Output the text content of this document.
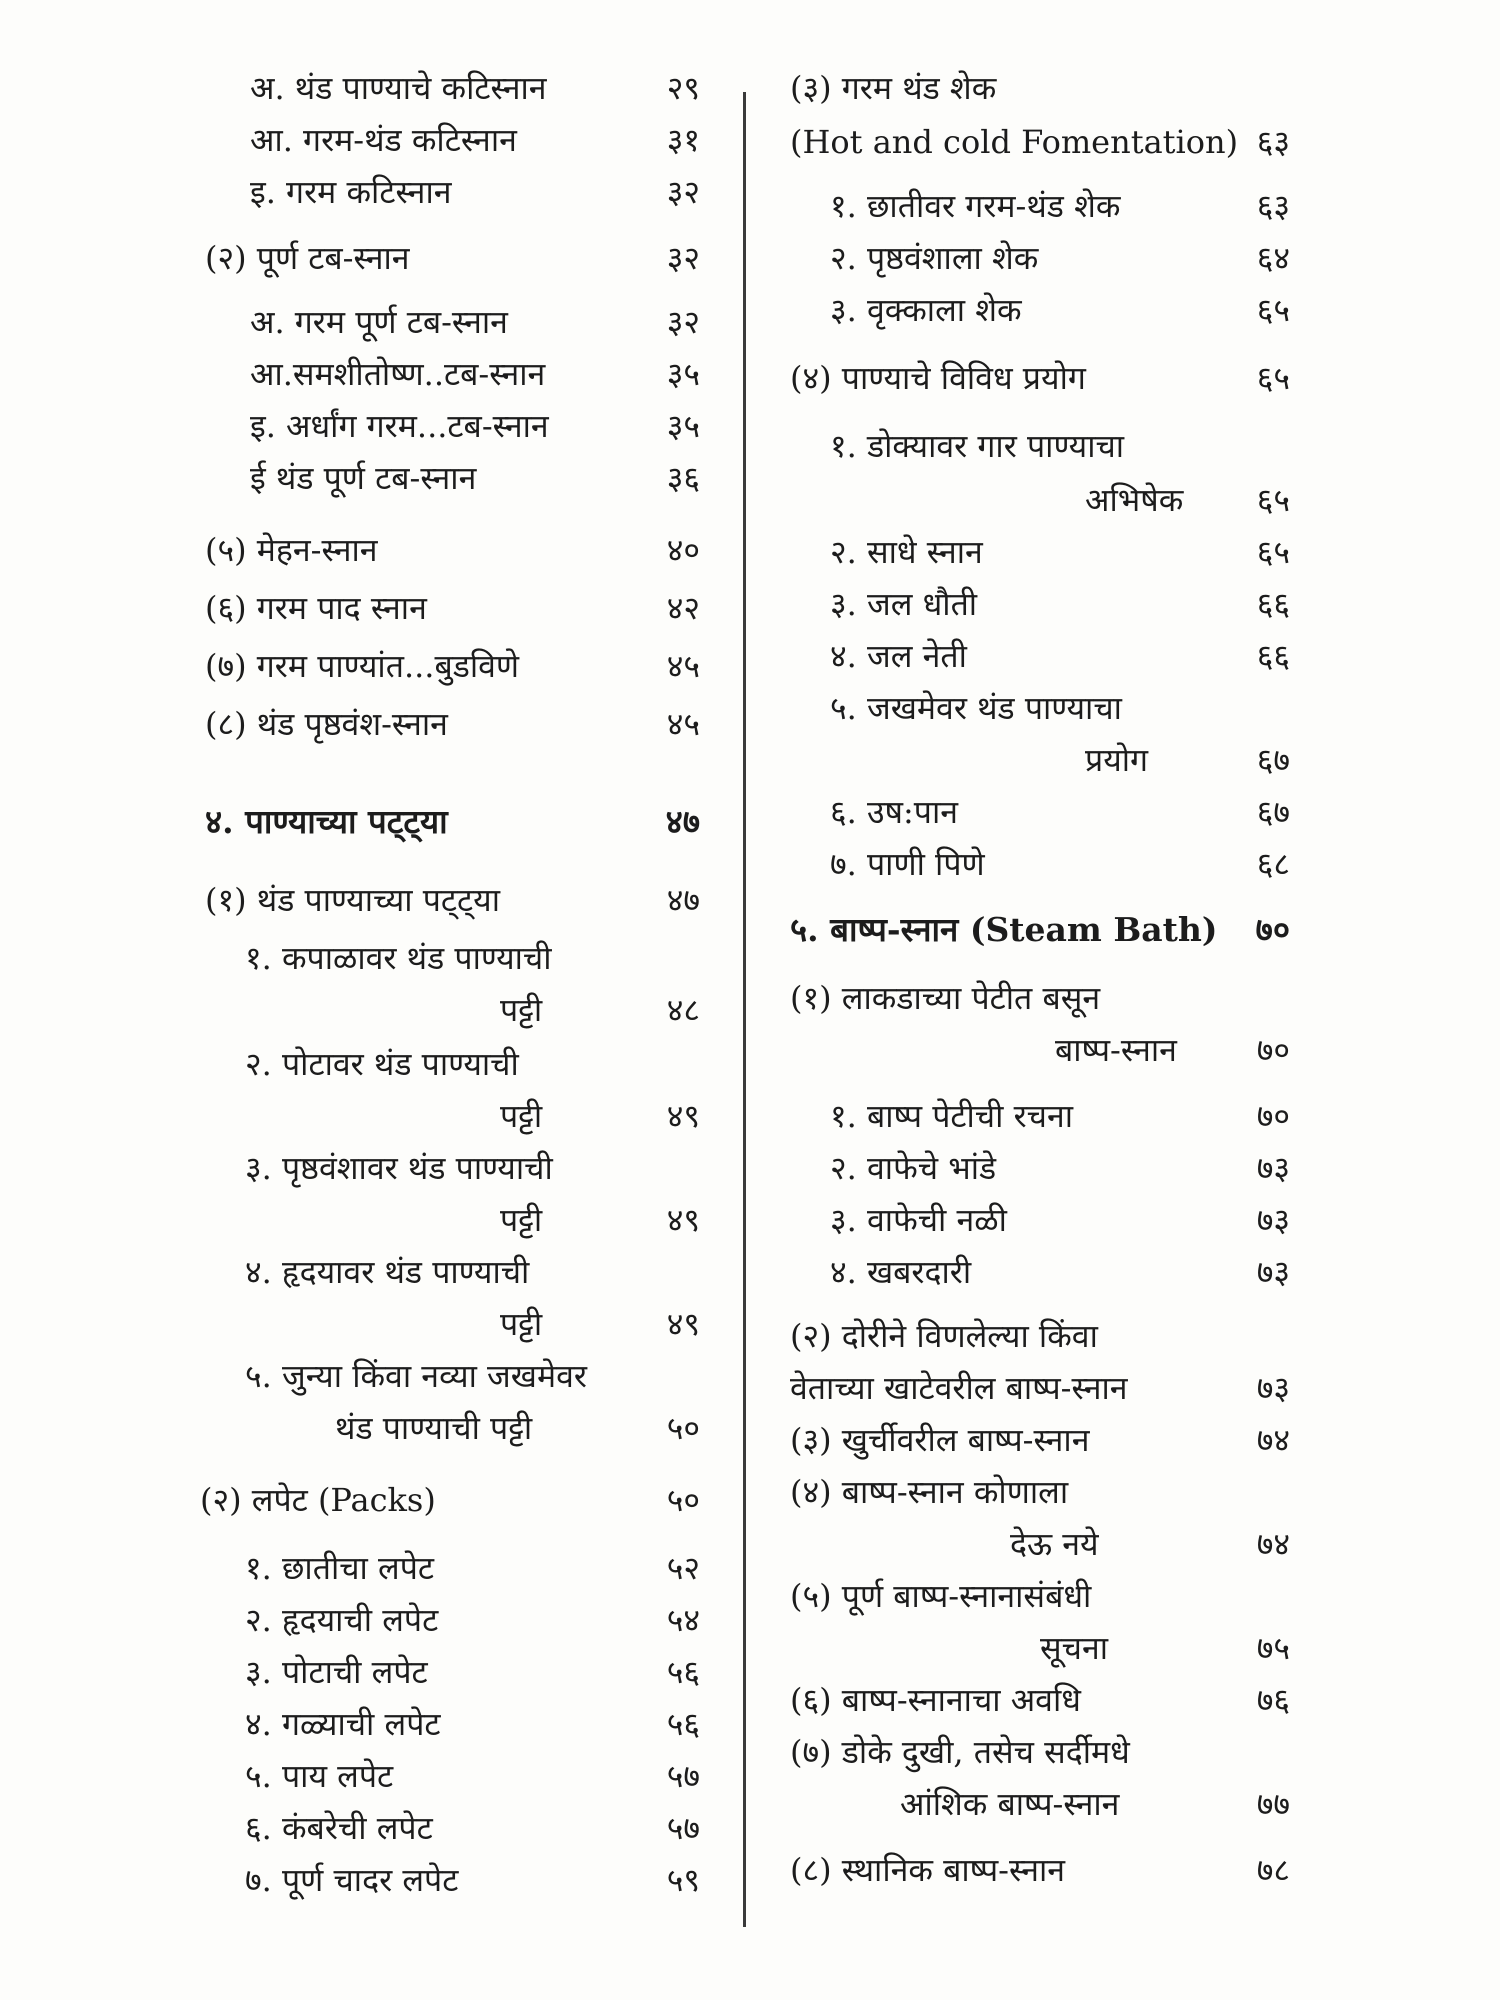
अ. थंड पाण्याचे कटिस्नान	२९
आ. गरम-थंड कटिस्नान	३१
इ. गरम कटिस्नान	३२
(२) पूर्ण टब-स्नान	३२
अ. गरम पूर्ण टब-स्नान	३२
आ.समशीतोष्ण..टब-स्नान	३५
इ. अर्धांग गरम...टब-स्नान	३५
ई थंड पूर्ण टब-स्नान	३६
(५) मेहन-स्नान	४०
(६) गरम पाद स्नान	४२
(७) गरम पाण्यांत...बुडविणे	४५
(८) थंड पृष्ठवंश-स्नान	४५
४. पाण्याच्या पट्ट्या	४७
(१) थंड पाण्याच्या पट्ट्या	४७
१. कपाळावर थंड पाण्याची
पट्टी	४८
२. पोटावर थंड पाण्याची
पट्टी	४९
३. पृष्ठवंशावर थंड पाण्याची
पट्टी	४९
४. हृदयावर थंड पाण्याची
पट्टी	४९
५. जुन्या किंवा नव्या जखमेवर
थंड पाण्याची पट्टी	५०
(२) लपेट (Packs)	५०
१. छातीचा लपेट	५२
२. हृदयाची लपेट	५४
३. पोटाची लपेट	५६
४. गळ्याची लपेट	५६
५. पाय लपेट	५७
६. कंबरेची लपेट	५७
७. पूर्ण चादर लपेट	५९
(३) गरम थंड शेक
(Hot and cold Fomentation) ६३
१. छातीवर गरम-थंड शेक	६३
२. पृष्ठवंशाला शेक	६४
३. वृक्काला शेक	६५
(४) पाण्याचे विविध प्रयोग	६५
१. डोक्यावर गार पाण्याचा
अभिषेक	६५
२. साधे स्नान	६५
३. जल धौती	६६
४. जल नेती	६६
५. जखमेवर थंड पाण्याचा
प्रयोग	६७
६. उष:पान	६७
७. पाणी पिणे	६८
५. बाष्प-स्नान (Steam Bath)	७०
(१) लाकडाच्या पेटीत बसून
बाष्प-स्नान	७०
१. बाष्प पेटीची रचना	७०
२. वाफेचे भांडे	७३
३. वाफेची नळी	७३
४. खबरदारी	७३
(२) दोरीने विणलेल्या किंवा
वेताच्या खाटेवरील बाष्प-स्नान	७३
(३) खुर्चीवरील बाष्प-स्नान	७४
(४) बाष्प-स्नान कोणाला
देऊ नये	७४
(५) पूर्ण बाष्प-स्नानासंबंधी
सूचना	७५
(६) बाष्प-स्नानाचा अवधि	७६
(७) डोके दुखी, तसेच सर्दीमधे
आंशिक बाष्प-स्नान	७७
(८) स्थानिक बाष्प-स्नान	७८
